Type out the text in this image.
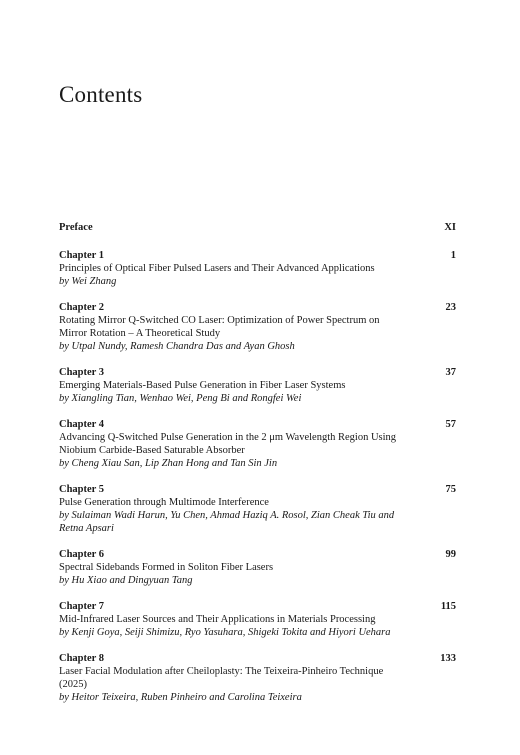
Contents
Preface	XI
Chapter 1	1
Principles of Optical Fiber Pulsed Lasers and Their Advanced Applications
by Wei Zhang
Chapter 2	23
Rotating Mirror Q-Switched CO Laser: Optimization of Power Spectrum on Mirror Rotation – A Theoretical Study
by Utpal Nundy, Ramesh Chandra Das and Ayan Ghosh
Chapter 3	37
Emerging Materials-Based Pulse Generation in Fiber Laser Systems
by Xiangling Tian, Wenhao Wei, Peng Bi and Rongfei Wei
Chapter 4	57
Advancing Q-Switched Pulse Generation in the 2 μm Wavelength Region Using Niobium Carbide-Based Saturable Absorber
by Cheng Xiau San, Lip Zhan Hong and Tan Sin Jin
Chapter 5	75
Pulse Generation through Multimode Interference
by Sulaiman Wadi Harun, Yu Chen, Ahmad Haziq A. Rosol, Zian Cheak Tiu and Retna Apsari
Chapter 6	99
Spectral Sidebands Formed in Soliton Fiber Lasers
by Hu Xiao and Dingyuan Tang
Chapter 7	115
Mid-Infrared Laser Sources and Their Applications in Materials Processing
by Kenji Goya, Seiji Shimizu, Ryo Yasuhara, Shigeki Tokita and Hiyori Uehara
Chapter 8	133
Laser Facial Modulation after Cheiloplasty: The Teixeira-Pinheiro Technique (2025)
by Heitor Teixeira, Ruben Pinheiro and Carolina Teixeira
